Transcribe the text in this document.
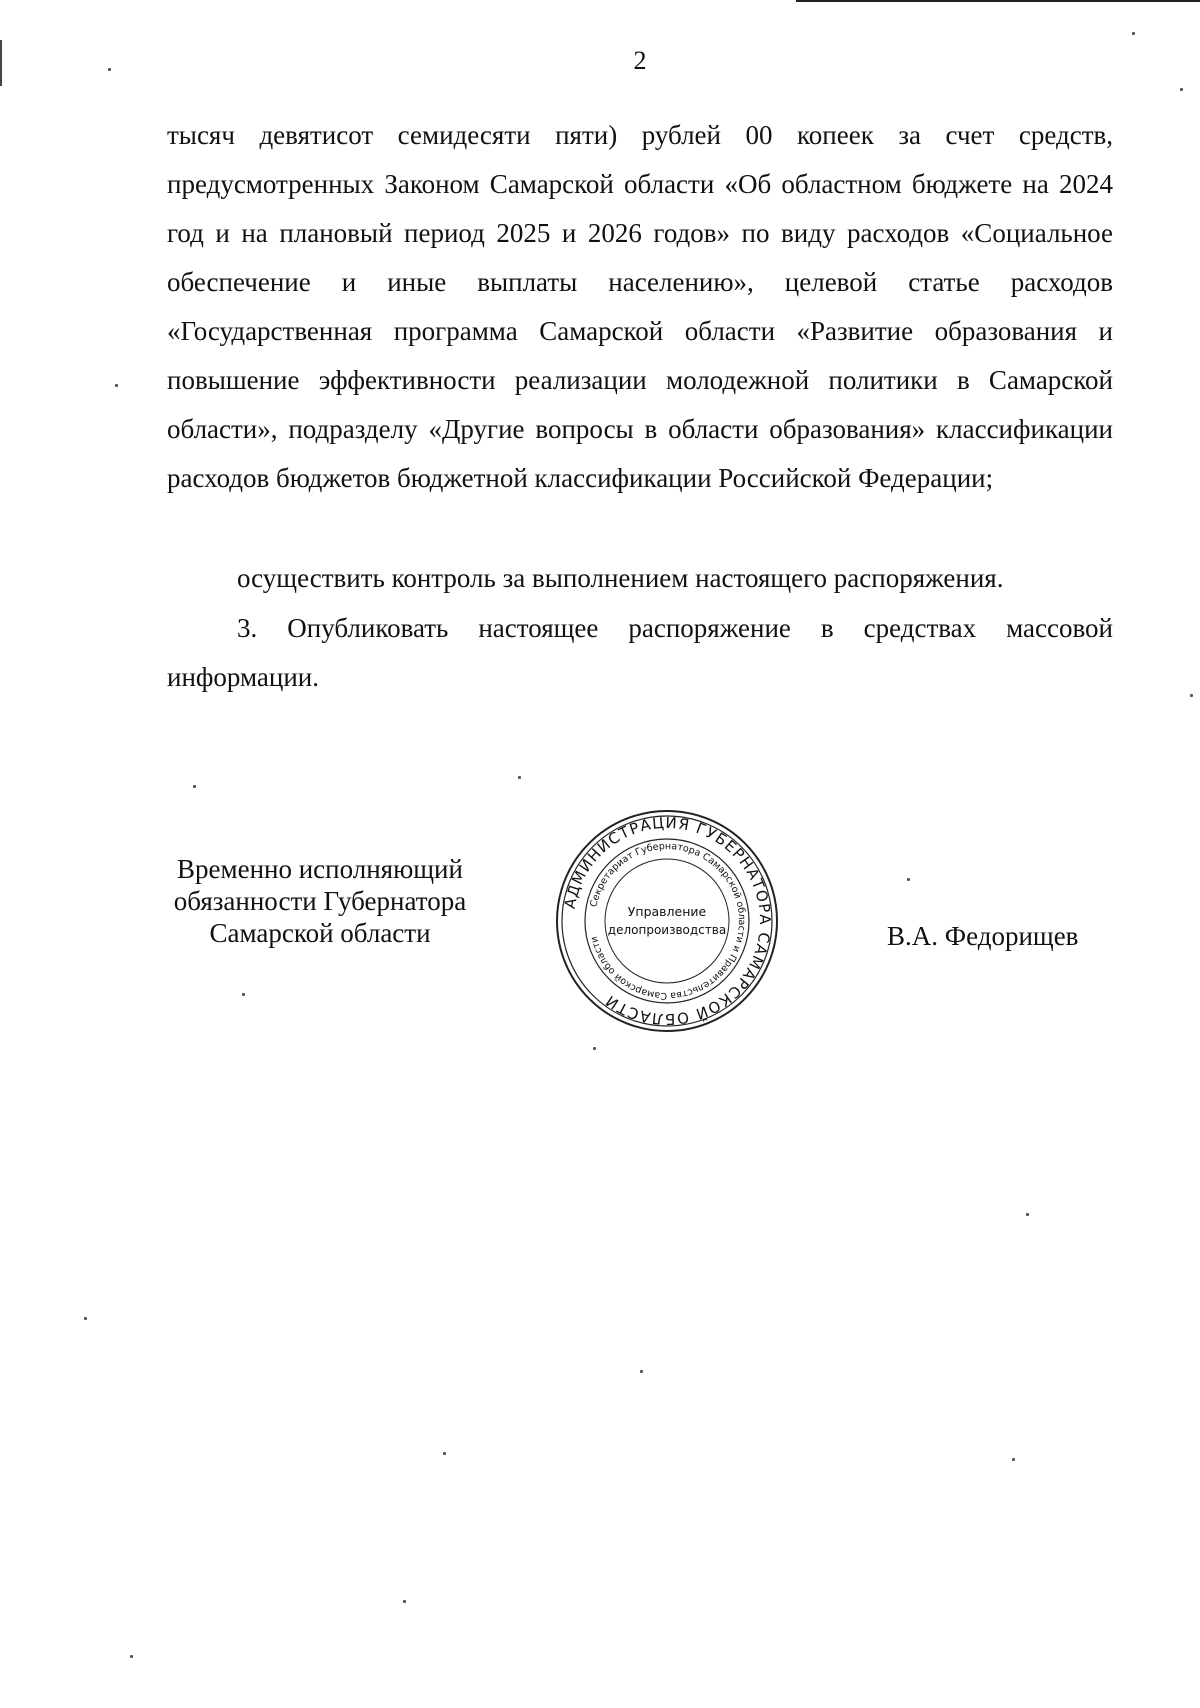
2

тысяч девятисот семидесяти пяти) рублей 00 копеек за счет средств, предусмотренных Законом Самарской области «Об областном бюджете на 2024 год и на плановый период 2025 и 2026 годов» по виду расходов «Социальное обеспечение и иные выплаты населению», целевой статье расходов «Государственная программа Самарской области «Развитие образования и повышение эффективности реализации молодежной политики в Самарской области», подразделу «Другие вопросы в области образования» классификации расходов бюджетов бюджетной классификации Российской Федерации;

осуществить контроль за выполнением настоящего распоряжения.

3. Опубликовать настоящее распоряжение в средствах массовой информации.

Временно исполняющий
обязанности Губернатора
Самарской области
АДМИНИСТРАЦИЯ ГУБЕРНАТОРА САМАРСКОЙ ОБЛАСТИ
Секретариат Губернатора Самарской области и Правительства Самарской области
Управление
делопроизводства	В.А. Федорищев
